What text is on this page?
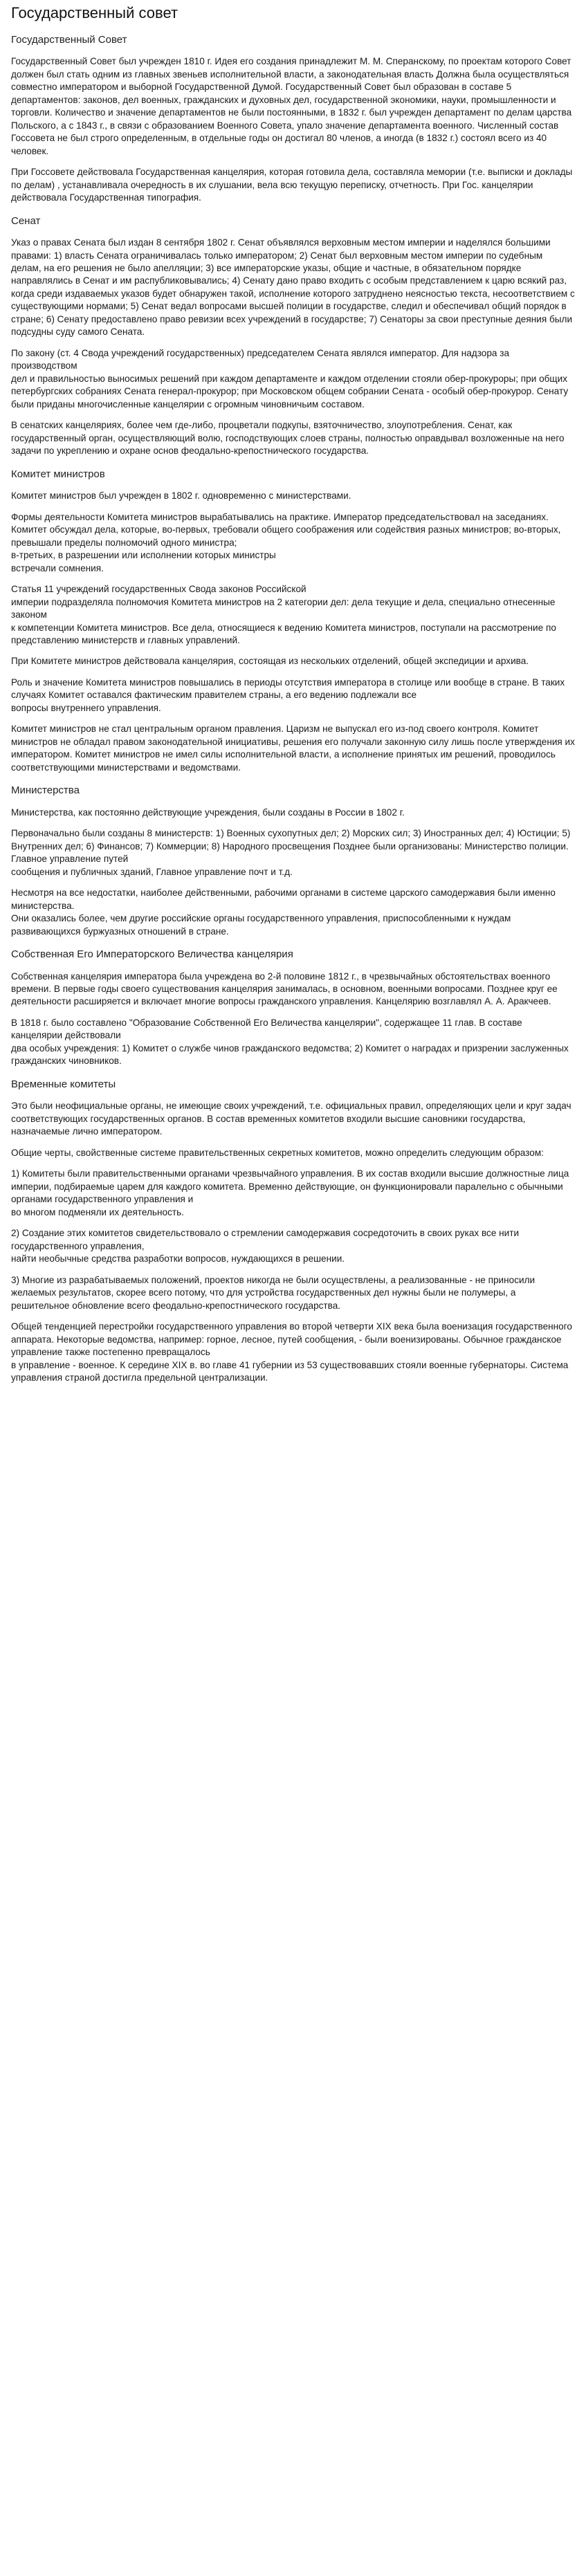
Государственный совет
Государственный Совет

Государственный Совет был учрежден 1810 г. Идея его создания принадлежит М. М. Сперанскому, по проектам которого Совет должен был стать одним из главных звеньев исполнительной власти, а законодательная власть Должна была осуществляться совместно императором и выборной Государственной Думой. Государственный Совет был образован в составе 5 департаментов: законов, дел военных, гражданских и духовных дел, государственной экономики, науки, промышленности и торговли. Количество и значение департаментов не были постоянными, в 1832 г. был учрежден департамент по делам царства Польского, а с 1843 г., в связи с образованием Военного Совета, упало значение департамента военного. Численный состав Госсовета не был строго определенным, в отдельные годы он достигал 80 членов, а иногда (в 1832 г.) состоял всего из 40 человек.

При Госсовете действовала Государственная канцелярия, которая готовила дела, составляла мемории (т.е. выписки и доклады по делам) , устанавливала очередность в их слушании, вела всю текущую переписку, отчетность. При Гос. канцелярии действовала Государственная типография.

Сенат

Указ о правах Сената был издан 8 сентября 1802 г. Сенат объявлялся верховным местом империи и наделялся большими правами: 1) власть Сената ограничивалась только императором; 2) Сенат был верховным местом империи по судебным делам, на его решения не было апелляции; 3) все императорские указы, общие и частные, в обязательном порядке направлялись в Сенат и им распубликовывались; 4) Сенату дано право входить с особым представлением к царю всякий раз, когда среди издаваемых указов будет обнаружен такой, исполнение которого затруднено неясностью текста, несоответствием с существующими нормами; 5) Сенат ведал вопросами высшей полиции в государстве, следил и обеспечивал общий порядок в стране; 6) Сенату предоставлено право ревизии всех учреждений в государстве; 7) Сенаторы за свои преступные деяния были подсудны суду самого Сената.

По закону (ст. 4 Свода учреждений государственных) председателем Сената являлся император. Для надзора за производством
дел и правильностью выносимых решений при каждом департаменте и каждом отделении стояли обер-прокуроры; при общих петербургских собраниях Сената генерал-прокурор; при Московском общем собрании Сената - особый обер-прокурор. Сенату были приданы многочисленные канцелярии с огромным чиновничьим составом.

В сенатских канцеляриях, более чем где-либо, процветали подкупы, взяточничество, злоупотребления. Сенат, как государственный орган, осуществляющий волю, господствующих слоев страны, полностью оправдывал возложенные на него задачи по укреплению и охране основ феодально-крепостнического государства.

Комитет министров

Комитет министров был учрежден в 1802 г. одновременно с министерствами.

Формы деятельности Комитета министров вырабатывались на практике. Император председательствовал на заседаниях. Комитет обсуждал дела, которые, во-первых, требовали общего соображения или содействия разных министров; во-вторых, превышали пределы полномочий одного министра;
в-третьих, в разрешении или исполнении которых министры
встречали сомнения.

Статья 11 учреждений государственных Свода законов Российской
империи подразделяла полномочия Комитета министров на 2 категории дел: дела текущие и дела, специально отнесенные законом
к компетенции Комитета министров. Все дела, относящиеся к ведению Комитета министров, поступали на рассмотрение по
представлению министерств и главных управлений.

При Комитете министров действовала канцелярия, состоящая из нескольких отделений, общей экспедиции и архива.

Роль и значение Комитета министров повышались в периоды отсутствия императора в столице или вообще в стране. В таких случаях Комитет оставался фактическим правителем страны, а его ведению подлежали все
вопросы внутреннего управления.

Комитет министров не стал центральным органом правления. Царизм не выпускал его из-под своего контроля. Комитет министров не обладал правом законодательной инициативы, решения его получали законную силу лишь после утверждения их императором. Комитет министров не имел силы исполнительной власти, а исполнение принятых им решений, проводилось соответствующими министерствами и ведомствами.

Министерства

Министерства, как постоянно действующие учреждения, были созданы в России в 1802 г.

Первоначально были созданы 8 министерств: 1) Военных сухопутных дел; 2) Морских сил; 3) Иностранных дел; 4) Юстиции; 5) Внутренних дел; 6) Финансов; 7) Коммерции; 8) Народного просвещения Позднее были организованы: Министерство полиции. Главное управление путей
сообщения и публичных зданий, Главное управление почт и т.д.

Несмотря на все недостатки, наиболее действенными, рабочими органами в системе царского самодержавия были именно министерства.
Они оказались более, чем другие российские органы государственного управления, приспособленными к нуждам развивающихся буржуазных отношений в стране.

Собственная Его Императорского Величества канцелярия

Собственная канцелярия императора была учреждена во 2-й половине 1812 г., в чрезвычайных обстоятельствах военного времени. В первые годы своего существования канцелярия занималась, в основном, военными вопросами. Позднее круг ее деятельности расширяется и включает многие вопросы гражданского управления. Канцелярию возглавлял А. А. Аракчеев.

В 1818 г. было составлено "Образование Собственной Его Величества канцелярии", содержащее 11 глав. В составе канцелярии действовали
два особых учреждения: 1) Комитет о службе чинов гражданского ведомства; 2) Комитет о наградах и призрении заслуженных гражданских чиновников.

Временные комитеты

Это были неофициальные органы, не имеющие своих учреждений, т.е. официальных правил, определяющих цели и круг задач соответствующих государственных органов. В состав временных комитетов входили высшие сановники государства, назначаемые лично императором.

Общие черты, свойственные системе правительственных секретных комитетов, можно определить следующим образом:

1) Комитеты были правительственными органами чрезвычайного управления. В их состав входили высшие должностные лица империи, подбираемые царем для каждого комитета. Временно действующие, он функционировали паралельно с обычными органами государственного управления и
во многом подменяли их деятельность.

2) Создание этих комитетов свидетельствовало о стремлении самодержавия сосредоточить в своих руках все нити государственного управления,
найти необычные средства разработки вопросов, нуждающихся в решении.

3) Многие из разрабатываемых положений, проектов никогда не были осуществлены, а реализованные - не приносили желаемых результатов, скорее всего потому, что для устройства государственных дел нужны были не полумеры, а решительное обновление всего феодально-крепостнического государства.

Общей тенденцией перестройки государственного управления во второй четверти XIX века была военизация государственного аппарата. Некоторые ведомства, например: горное, лесное, путей сообщения, - были военизированы. Обычное гражданское управление также постепенно превращалось
в управление - военное. К середине XIX в. во главе 41 губернии из 53 существовавших стояли военные губернаторы. Система управления страной достигла предельной централизации.
